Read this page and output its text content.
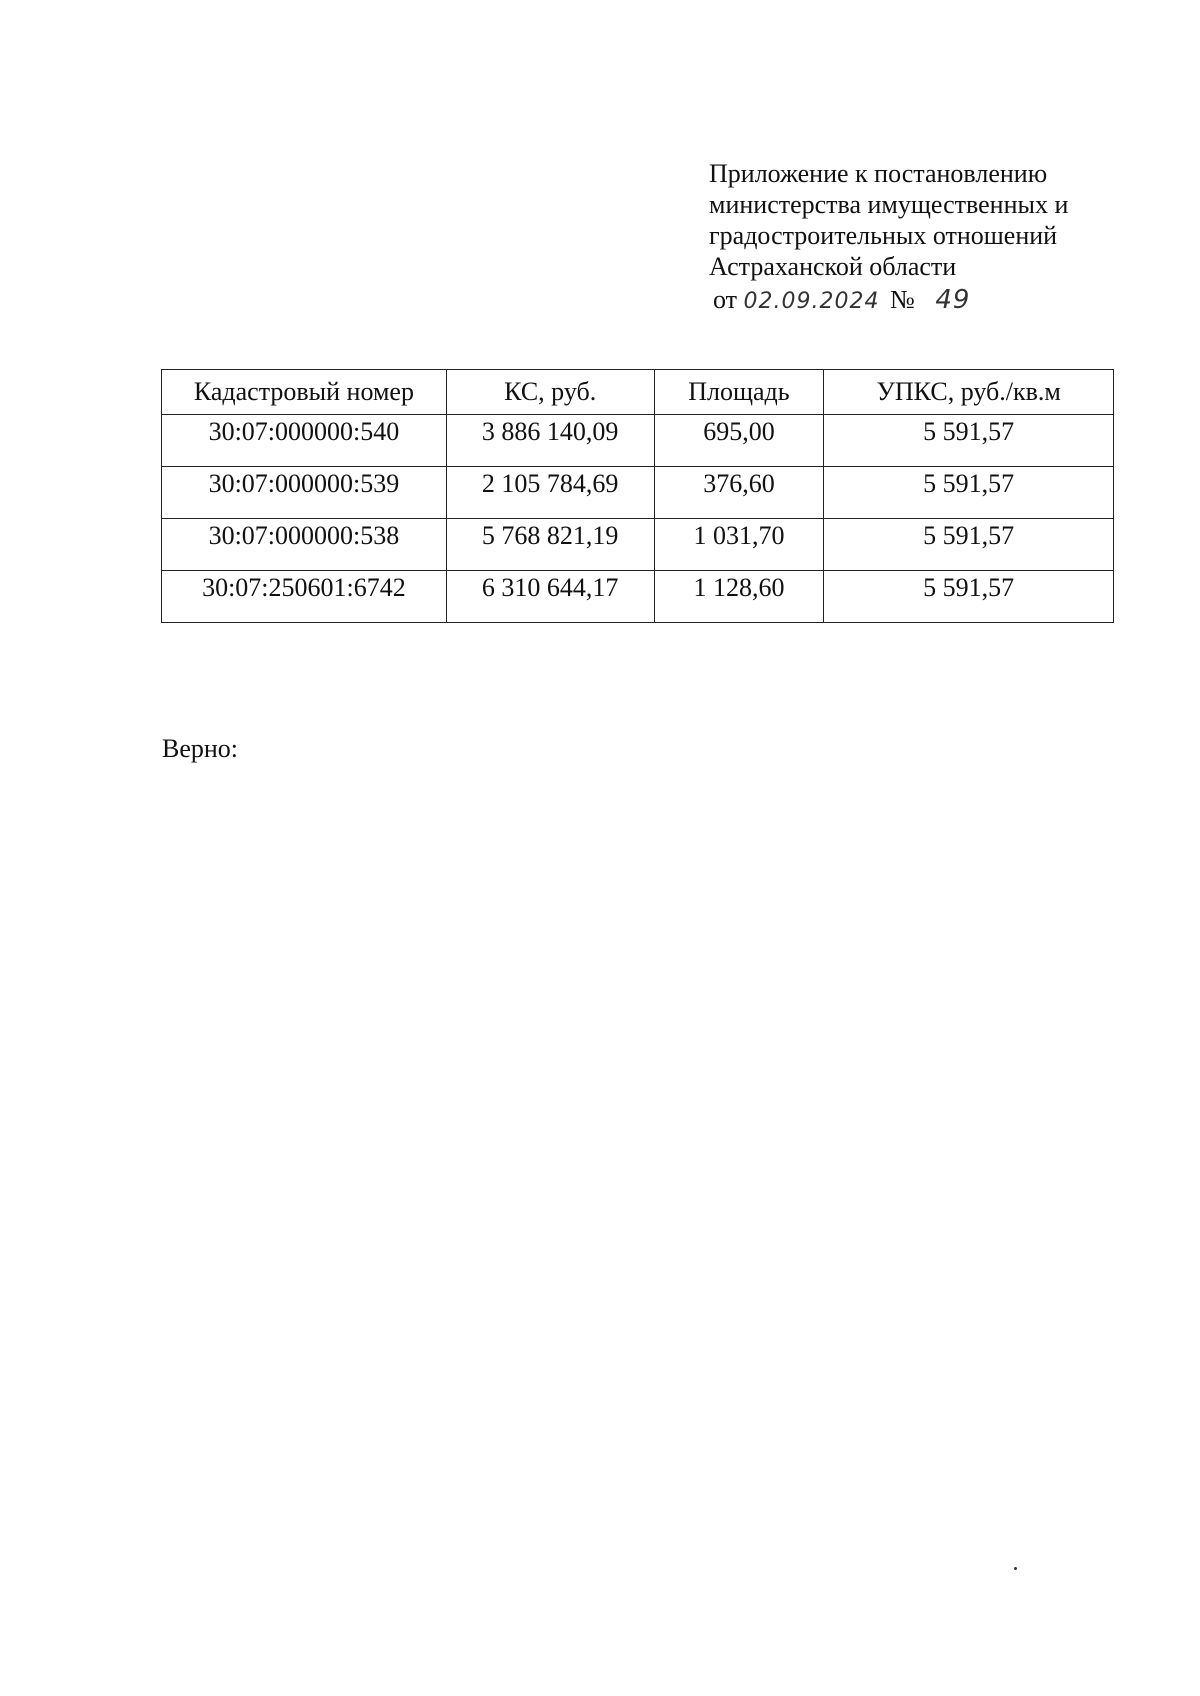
Приложение к постановлению
министерства имущественных и
градостроительных отношений
Астраханской области
от 02.09.2024 № 49
Кадастровый номер	КС, руб.	Площадь	УПКС, руб./кв.м
30:07:000000:540	3 886 140,09	695,00	5 591,57
30:07:000000:539	2 105 784,69	376,60	5 591,57
30:07:000000:538	5 768 821,19	1 031,70	5 591,57
30:07:250601:6742	6 310 644,17	1 128,60	5 591,57
Верно:
